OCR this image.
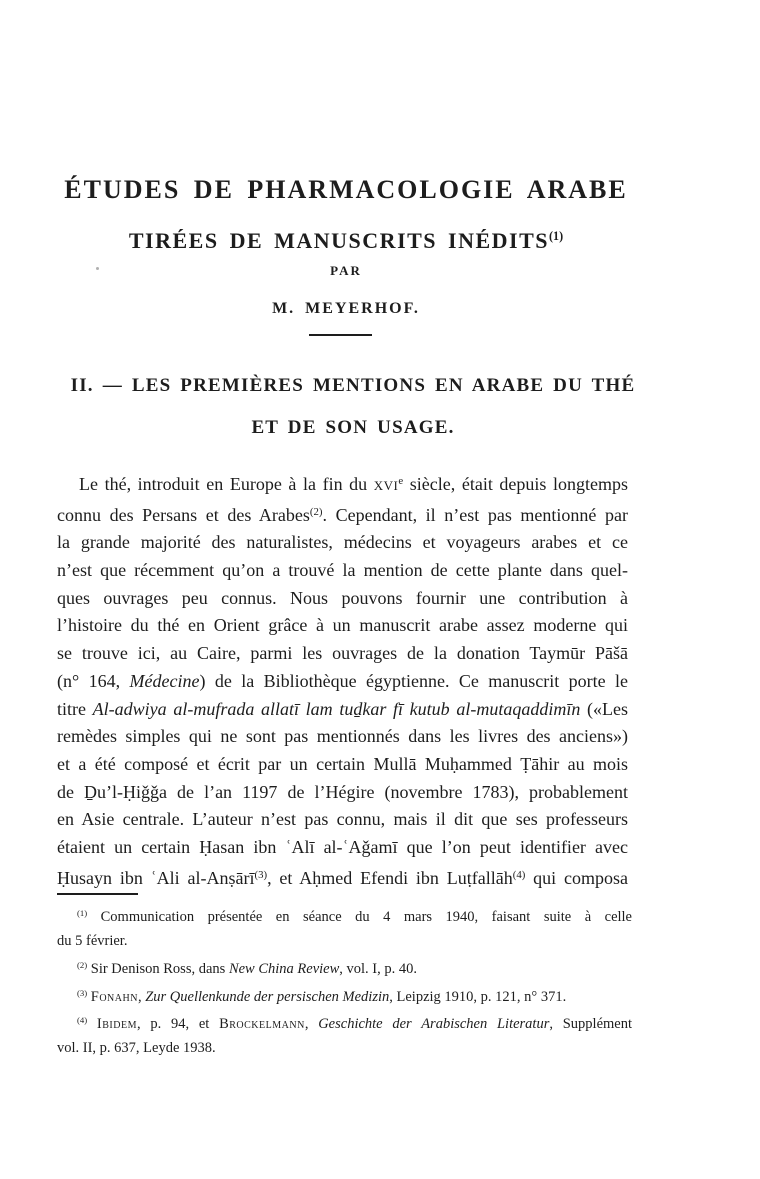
ÉTUDES DE PHARMACOLOGIE ARABE
TIRÉES DE MANUSCRITS INÉDITS$^{(1)}$
PAR
M. MEYERHOF.
II. — LES PREMIÈRES MENTIONS EN ARABE DU THÉ
ET DE SON USAGE.
Le thé, introduit en Europe à la fin du xvi$^e$ siècle, était depuis longtemps
connu des Persans et des Arabes$^{(2)}$. Cependant, il n’est pas mentionné par
la grande majorité des naturalistes, médecins et voyageurs arabes et ce
n’est que récemment qu’on a trouvé la mention de cette plante dans quel-
ques ouvrages peu connus. Nous pouvons fournir une contribution à
l’histoire du thé en Orient grâce à un manuscrit arabe assez moderne qui
se trouve ici, au Caire, parmi les ouvrages de la donation Taymūr Pāšā
(n° 164, Médecine) de la Bibliothèque égyptienne. Ce manuscrit porte le
titre Al-adwiya al-mufrada allatī lam tuḏkar fī kutub al-mutaqaddimīn («Les
remèdes simples qui ne sont pas mentionnés dans les livres des anciens»)
et a été composé et écrit par un certain Mullā Muḥammed Ṭāhir au mois
de Ḏu’l-Ḥiǧǧa de l’an 1197 de l’Hégire (novembre 1783), probablement
en Asie centrale. L’auteur n’est pas connu, mais il dit que ses professeurs
étaient un certain Ḥasan ibn ʿAlī al-ʿAǧamī que l’on peut identifier avec
Ḥusayn ibn ʿAli al-Anṣārī$^{(3)}$, et Aḥmed Efendi ibn Luṭfallāh$^{(4)}$ qui composa
$^{(1)}$ Communication présentée en séance du 4 mars 1940, faisant suite à celle
du 5 février.
$^{(2)}$ Sir Denison Ross, dans New China Review, vol. I, p. 40.
$^{(3)}$ Fonahn, Zur Quellenkunde der persischen Medizin, Leipzig 1910, p. 121, n° 371.
$^{(4)}$ Ibidem, p. 94, et Brockelmann, Geschichte der Arabischen Literatur, Supplément
vol. II, p. 637, Leyde 1938.
